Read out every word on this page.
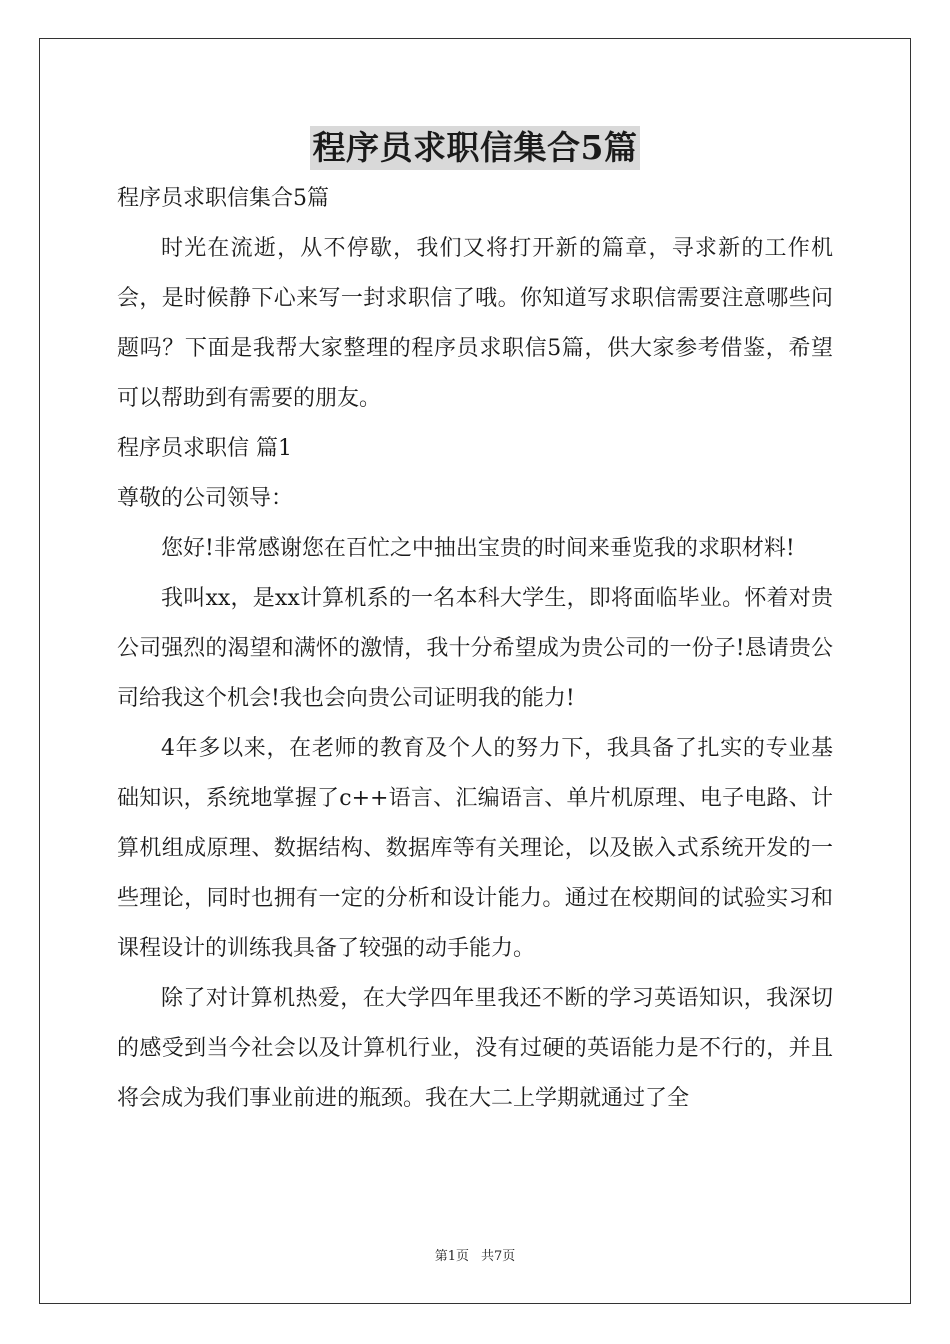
程序员求职信集合5篇

程序员求职信集合5篇

时光在流逝，从不停歇，我们又将打开新的篇章，寻求新的工作机会，是时候静下心来写一封求职信了哦。你知道写求职信需要注意哪些问题吗？下面是我帮大家整理的程序员求职信5篇，供大家参考借鉴，希望可以帮助到有需要的朋友。

程序员求职信 篇1

尊敬的公司领导：

您好!非常感谢您在百忙之中抽出宝贵的时间来垂览我的求职材料!

我叫xx，是xx计算机系的一名本科大学生，即将面临毕业。怀着对贵公司强烈的渴望和满怀的激情，我十分希望成为贵公司的一份子!恳请贵公司给我这个机会!我也会向贵公司证明我的能力!

4年多以来，在老师的教育及个人的努力下，我具备了扎实的专业基础知识，系统地掌握了c++语言、汇编语言、单片机原理、电子电路、计算机组成原理、数据结构、数据库等有关理论，以及嵌入式系统开发的一些理论，同时也拥有一定的分析和设计能力。通过在校期间的试验实习和课程设计的训练我具备了较强的动手能力。

除了对计算机热爱，在大学四年里我还不断的学习英语知识，我深切的感受到当今社会以及计算机行业，没有过硬的英语能力是不行的，并且将会成为我们事业前进的瓶颈。我在大二上学期就通过了全

第1页 共7页
